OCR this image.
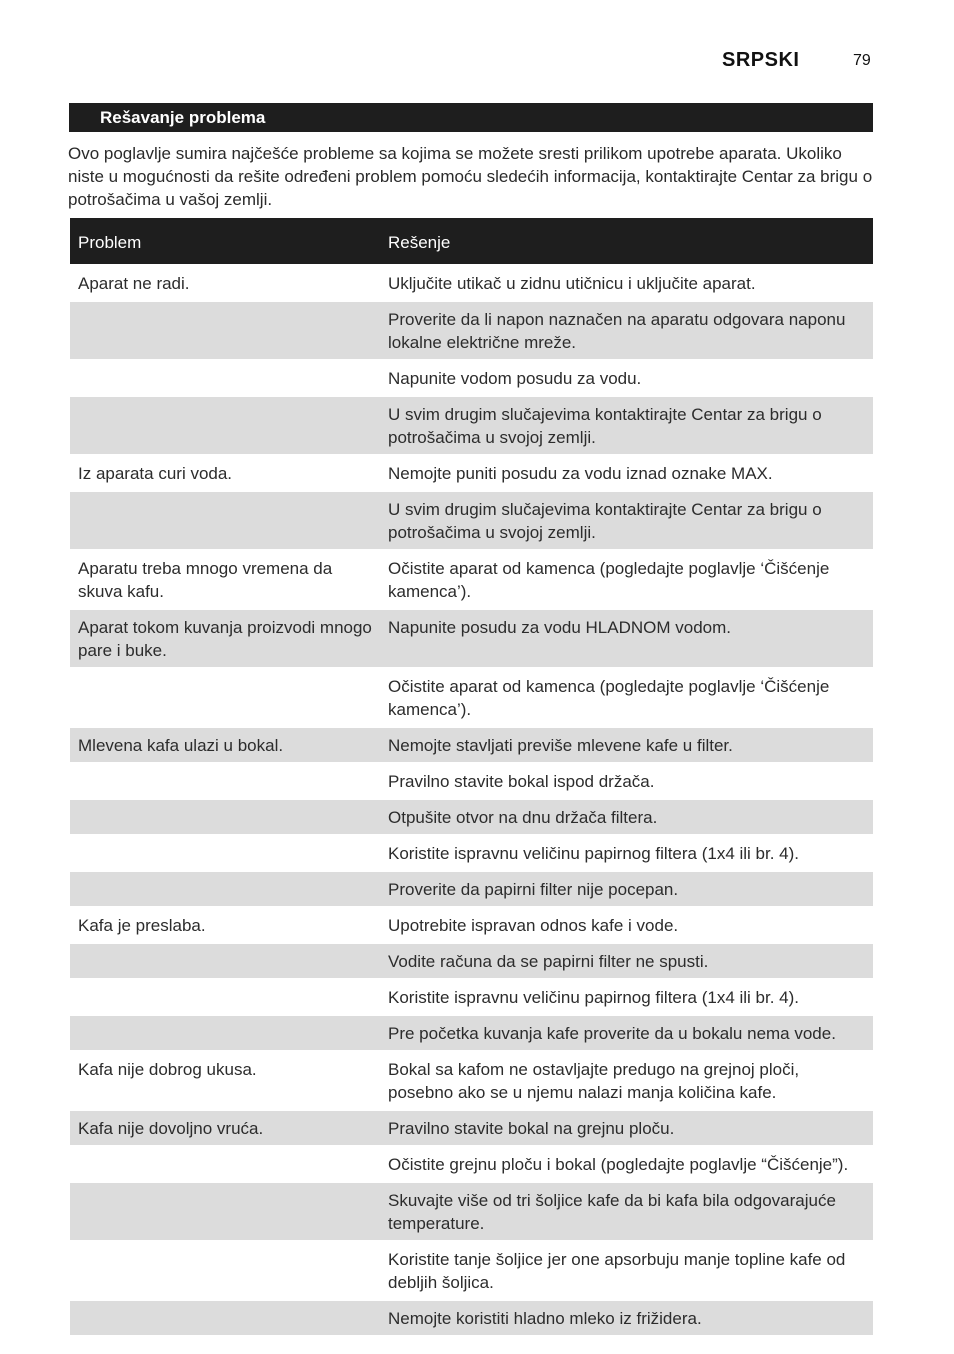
SRPSKI	79
Rešavanje problema
Ovo poglavlje sumira najčešće probleme sa kojima se možete sresti prilikom upotrebe aparata. Ukoliko niste u mogućnosti da rešite određeni problem pomoću sledećih informacija, kontaktirajte Centar za brigu o potrošačima u vašoj zemlji.
Problem	Rešenje
Aparat ne radi.	Uključite utikač u zidnu utičnicu i uključite aparat.
	Proverite da li napon naznačen na aparatu odgovara naponu lokalne električne mreže.
	Napunite vodom posudu za vodu.
	U svim drugim slučajevima kontaktirajte Centar za brigu o potrošačima u svojoj zemlji.
Iz aparata curi voda.	Nemojte puniti posudu za vodu iznad oznake MAX.
	U svim drugim slučajevima kontaktirajte Centar za brigu o potrošačima u svojoj zemlji.
Aparatu treba mnogo vremena da skuva kafu.	Očistite aparat od kamenca (pogledajte poglavlje ‘Čišćenje kamenca’).
Aparat tokom kuvanja proizvodi mnogo pare i buke.	Napunite posudu za vodu HLADNOM vodom.
	Očistite aparat od kamenca (pogledajte poglavlje ‘Čišćenje kamenca’).
Mlevena kafa ulazi u bokal.	Nemojte stavljati previše mlevene kafe u filter.
	Pravilno stavite bokal ispod držača.
	Otpušite otvor na dnu držača filtera.
	Koristite ispravnu veličinu papirnog filtera (1x4 ili br. 4).
	Proverite da papirni filter nije pocepan.
Kafa je preslaba.	Upotrebite ispravan odnos kafe i vode.
	Vodite računa da se papirni filter ne spusti.
	Koristite ispravnu veličinu papirnog filtera (1x4 ili br. 4).
	Pre početka kuvanja kafe proverite da u bokalu nema vode.
Kafa nije dobrog ukusa.	Bokal sa kafom ne ostavljajte predugo na grejnoj ploči, posebno ako se u njemu nalazi manja količina kafe.
Kafa nije dovoljno vruća.	Pravilno stavite bokal na grejnu ploču.
	Očistite grejnu ploču i bokal (pogledajte poglavlje “Čišćenje”).
	Skuvajte više od tri šoljice kafe da bi kafa bila odgovarajuće temperature.
	Koristite tanje šoljice jer one apsorbuju manje topline kafe od debljih šoljica.
	Nemojte koristiti hladno mleko iz frižidera.
